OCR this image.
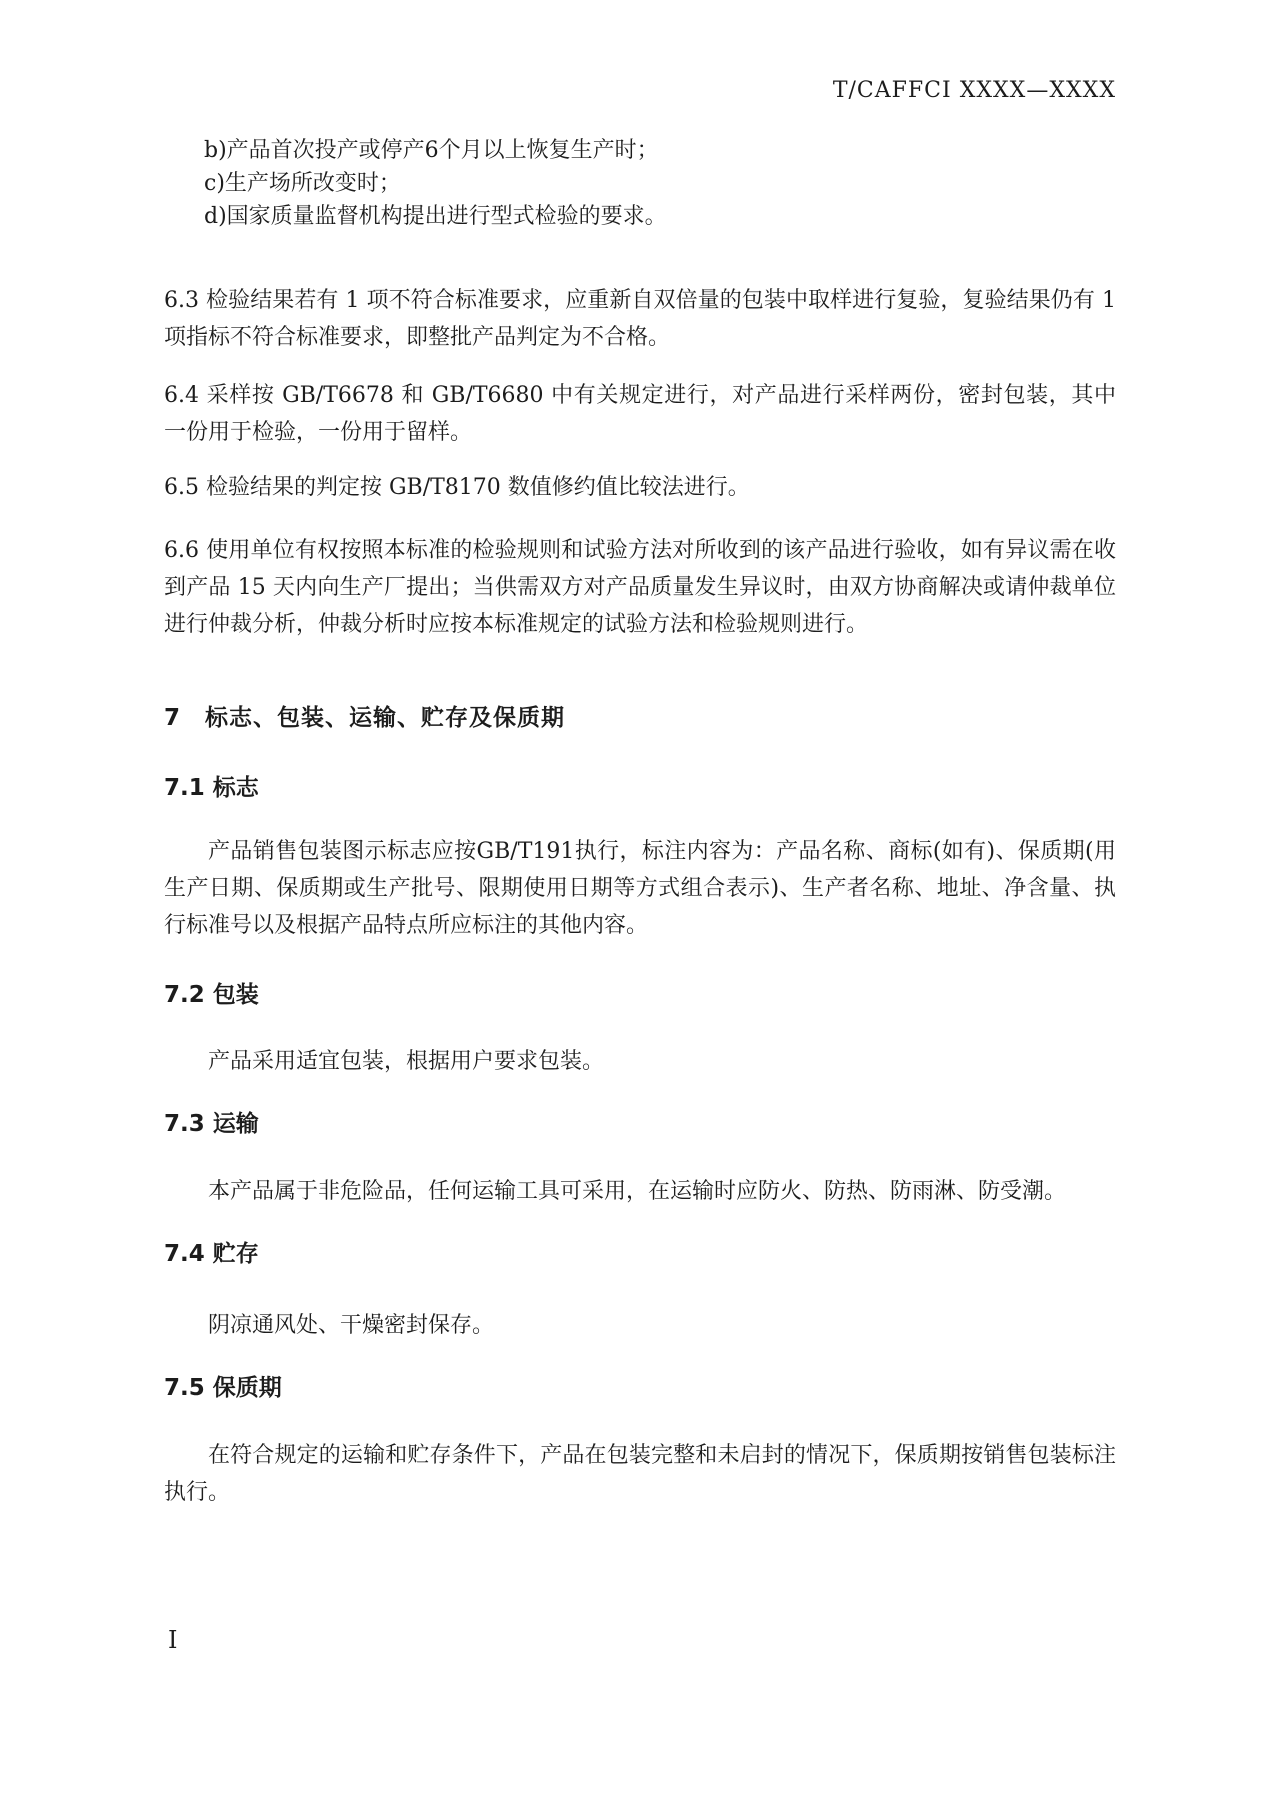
T/CAFFCI XXXX—XXXX
b)产品首次投产或停产6个月以上恢复生产时；
c)生产场所改变时；
d)国家质量监督机构提出进行型式检验的要求。

6.3 检验结果若有 1 项不符合标准要求，应重新自双倍量的包装中取样进行复验，复验结果仍有 1 项指标不符合标准要求，即整批产品判定为不合格。

6.4 采样按 GB/T6678 和 GB/T6680 中有关规定进行，对产品进行采样两份，密封包装，其中一份用于检验，一份用于留样。

6.5 检验结果的判定按 GB/T8170 数值修约值比较法进行。

6.6 使用单位有权按照本标准的检验规则和试验方法对所收到的该产品进行验收，如有异议需在收到产品 15 天内向生产厂提出；当供需双方对产品质量发生异议时，由双方协商解决或请仲裁单位进行仲裁分析，仲裁分析时应按本标准规定的试验方法和检验规则进行。

7　标志、包装、运输、贮存及保质期
7.1 标志

产品销售包装图示标志应按GB/T191执行，标注内容为：产品名称、商标(如有)、保质期(用生产日期、保质期或生产批号、限期使用日期等方式组合表示)、生产者名称、地址、净含量、执行标准号以及根据产品特点所应标注的其他内容。

7.2 包装

产品采用适宜包装，根据用户要求包装。

7.3 运输

本产品属于非危险品，任何运输工具可采用，在运输时应防火、防热、防雨淋、防受潮。

7.4 贮存

阴凉通风处、干燥密封保存。

7.5 保质期

在符合规定的运输和贮存条件下，产品在包装完整和未启封的情况下，保质期按销售包装标注执行。

I
